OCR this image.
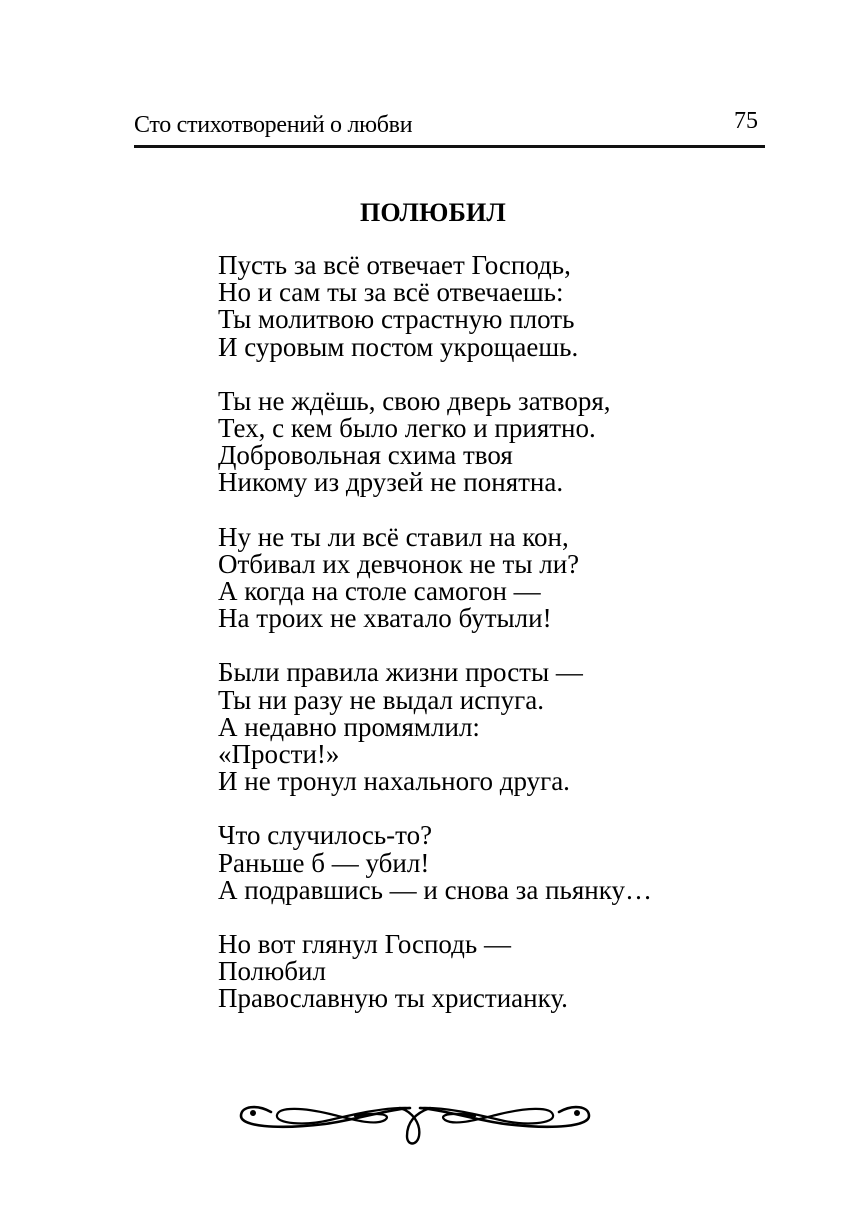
Сто стихотворений о любви	75
ПОЛЮБИЛ
Пусть за всё отвечает Господь,
Но и сам ты за всё отвечаешь:
Ты молитвою страстную плоть
И суровым постом укрощаешь.
Ты не ждёшь, свою дверь затворя,
Тех, с кем было легко и приятно.
Добровольная схима твоя
Никому из друзей не понятна.
Ну не ты ли всё ставил на кон,
Отбивал их девчонок не ты ли?
А когда на столе самогон —
На троих не хватало бутыли!
Были правила жизни просты —
Ты ни разу не выдал испуга.
А недавно промямлил:
«Прости!»
И не тронул нахального друга.
Что случилось-то?
Раньше б — убил!
А подравшись — и снова за пьянку…
Но вот глянул Господь —
Полюбил
Православную ты христианку.
